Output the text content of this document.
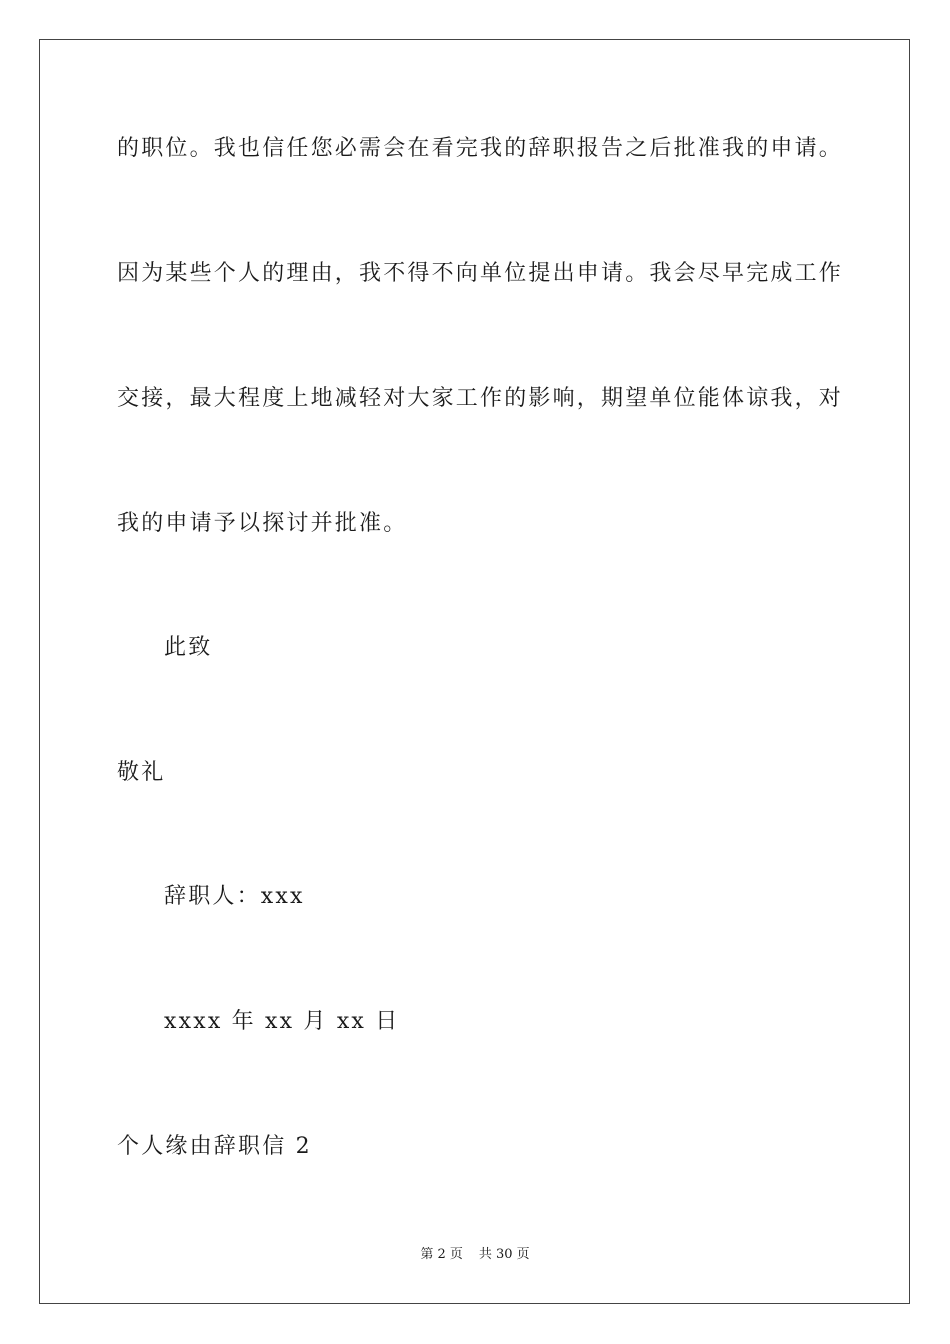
的职位。我也信任您必需会在看完我的辞职报告之后批准我的申请。
因为某些个人的理由，我不得不向单位提出申请。我会尽早完成工作
交接，最大程度上地减轻对大家工作的影响，期望单位能体谅我，对
我的申请予以探讨并批准。
此致
敬礼
辞职人：xxx
xxxx 年 xx 月 xx 日
个人缘由辞职信 2
第 2 页 共 30 页
